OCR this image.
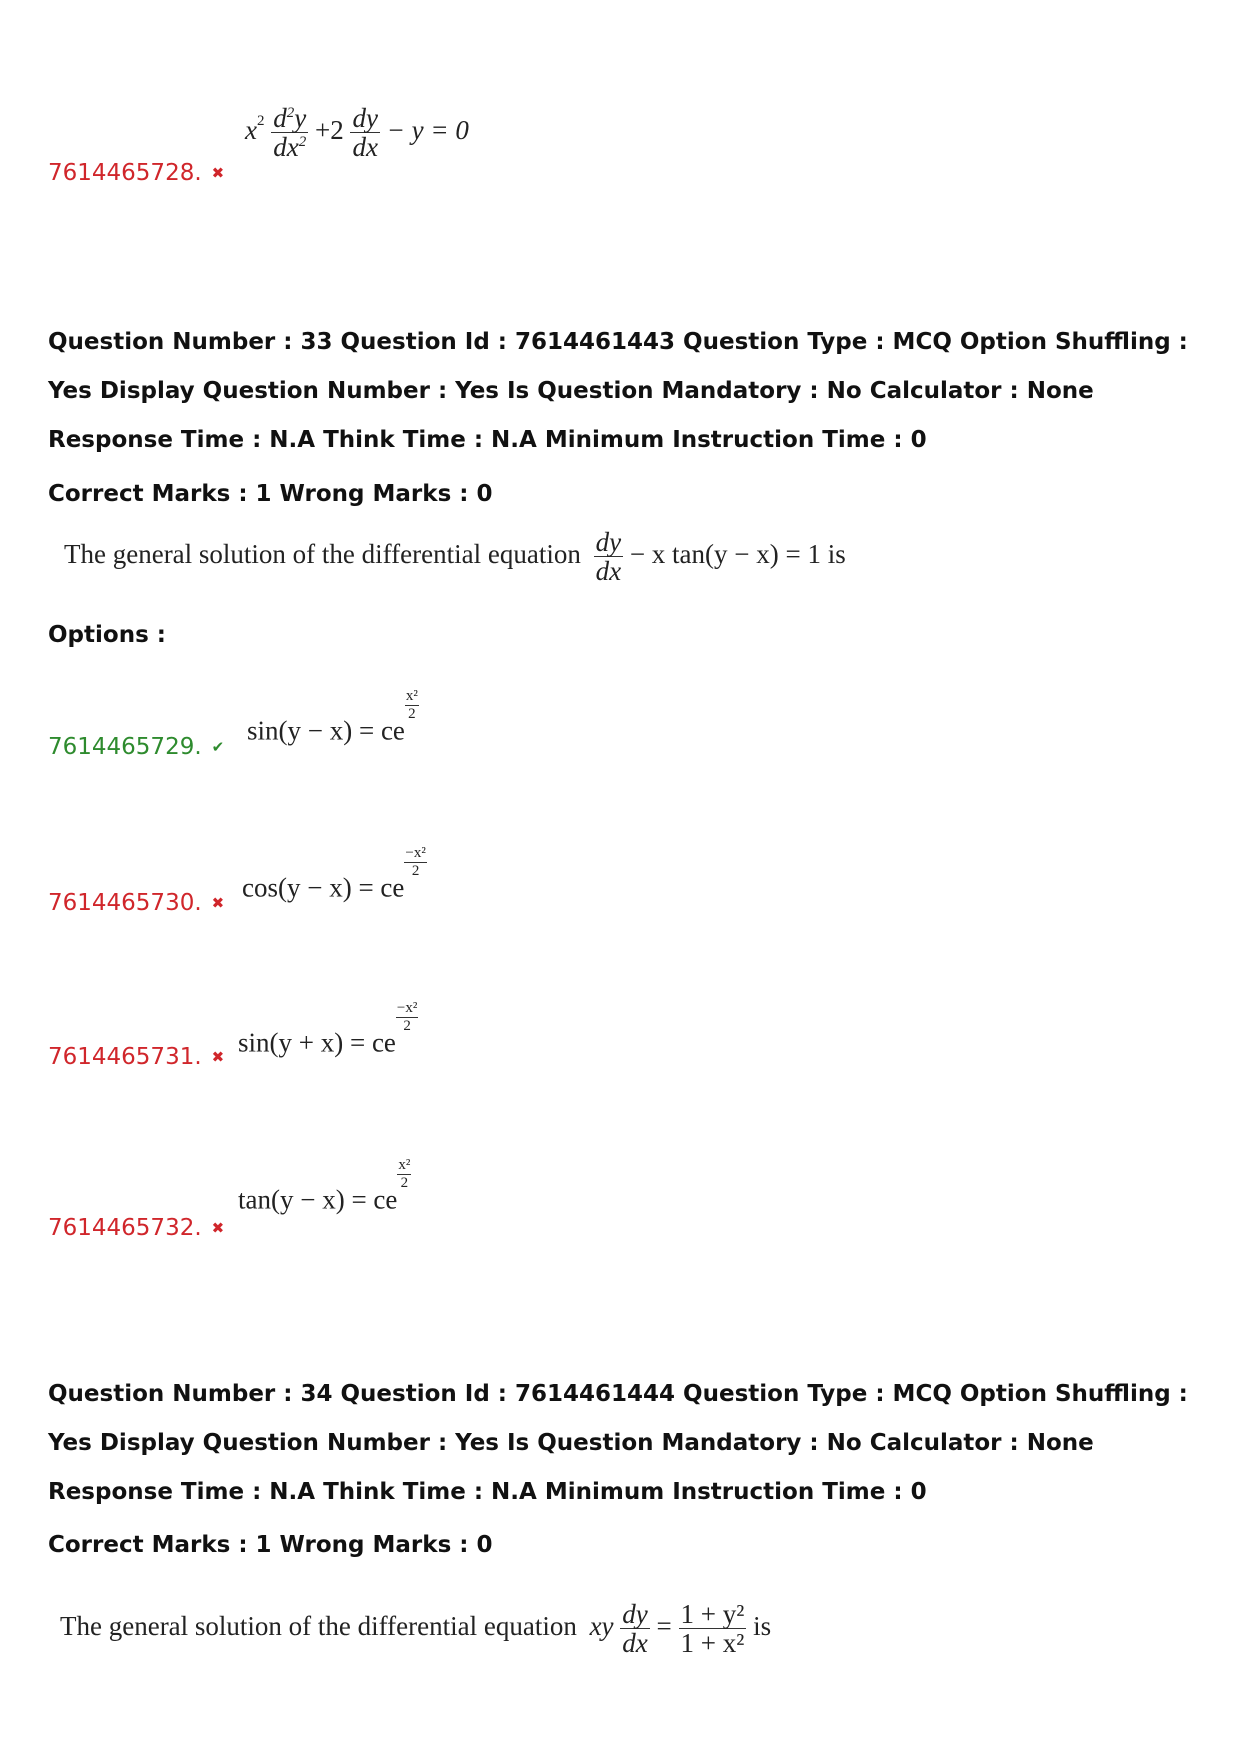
7614465728. ✖
$x^2 \frac{d^2y}{dx^2} +2 \frac{dy}{dx} - y = 0$
Question Number : 33 Question Id : 7614461443 Question Type : MCQ Option Shuffling : Yes Display Question Number : Yes Is Question Mandatory : No Calculator : None Response Time : N.A Think Time : N.A Minimum Instruction Time : 0
Correct Marks : 1 Wrong Marks : 0
The general solution of the differential equation $\frac{dy}{dx} - x$ tan(y − x) = 1 is
Options :
7614465729. ✔
sin(y − x) = ce
$\frac{\text{x²}}{2}$
7614465730. ✖
cos(y − x) = ce
$\frac{\text{−x²}}{2}$
7614465731. ✖ sin(y + x) = ce
$\frac{\text{−x²}}{2}$
7614465732. ✖
tan(y − x) = ce
$\frac{\text{x²}}{2}$
Question Number : 34 Question Id : 7614461444 Question Type : MCQ Option Shuffling : Yes Display Question Number : Yes Is Question Mandatory : No Calculator : None Response Time : N.A Think Time : N.A Minimum Instruction Time : 0
Correct Marks : 1 Wrong Marks : 0
The general solution of the differential equation xy $\frac{dy}{dx} = \frac{\text{1 + y²}}{\text{1 + x²}}$ is
